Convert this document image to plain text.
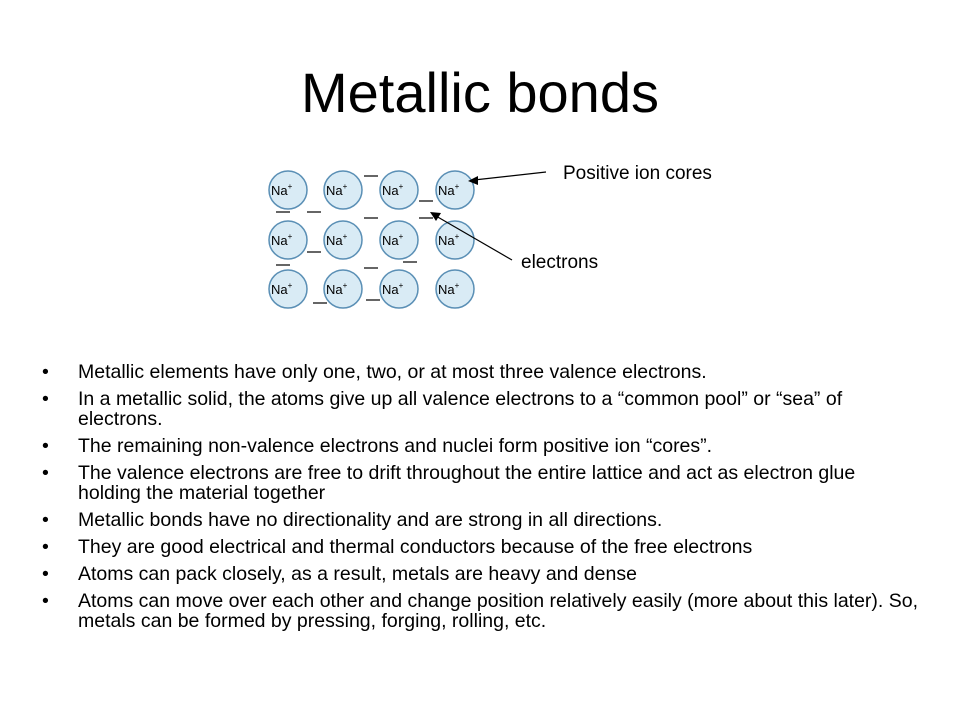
Metallic bonds
Na+	Na+	Na+	Na+
Na+	Na+	Na+	Na+
Na+	Na+	Na+	Na+
Positive ion cores
electrons
• Metallic elements have only one, two, or at most three valence electrons.
• In a metallic solid, the atoms give up all valence electrons to a “common pool” or “sea” of electrons.
• The remaining non-valence electrons and nuclei form positive ion “cores”.
• The valence electrons are free to drift throughout the entire lattice and act as electron glue holding the material together
• Metallic bonds have no directionality and are strong in all directions.
• They are good electrical and thermal conductors because of the free electrons
• Atoms can pack closely, as a result, metals are heavy and dense
• Atoms can move over each other and change position relatively easily (more about this later). So, metals can be formed by pressing, forging, rolling, etc.
